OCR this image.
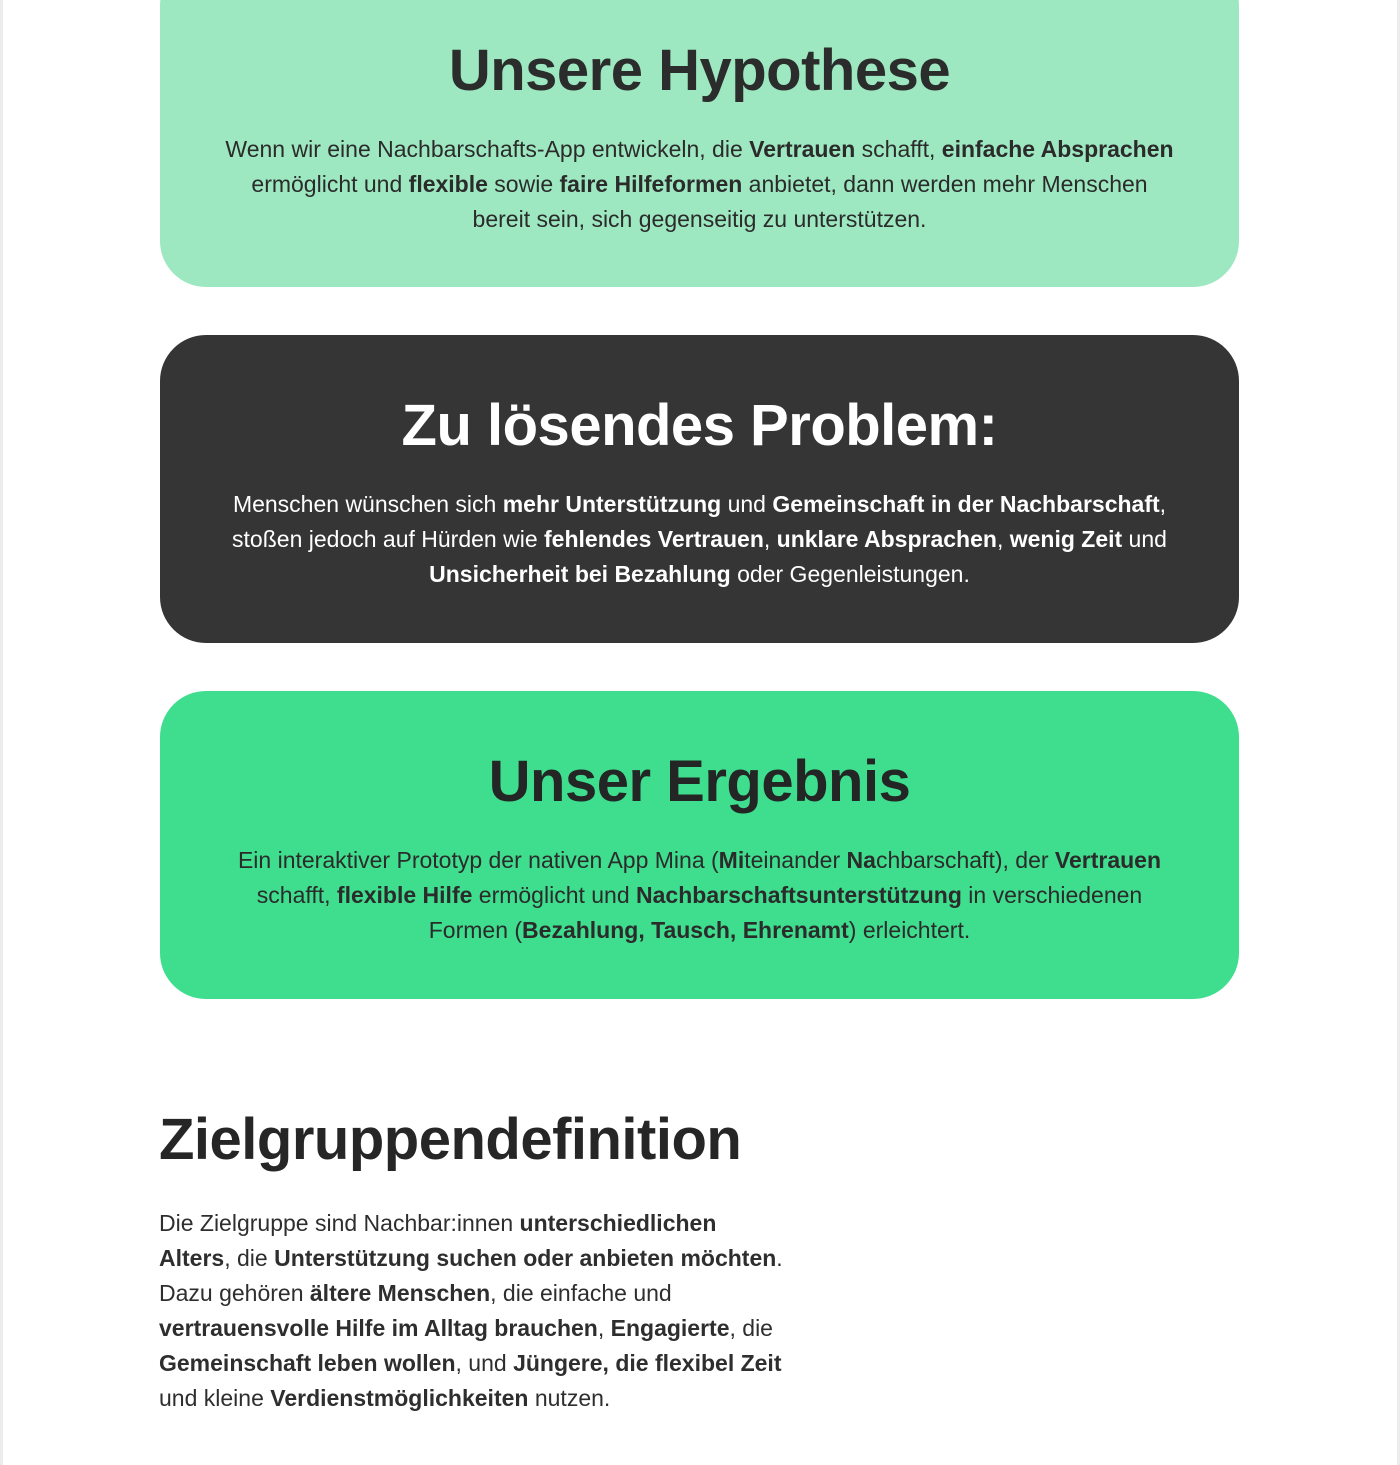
Unsere Hypothese

Wenn wir eine Nachbarschafts-App entwickeln, die Vertrauen schafft, einfache Absprachen ermöglicht und flexible sowie faire Hilfeformen anbietet, dann werden mehr Menschen bereit sein, sich gegenseitig zu unterstützen.

Zu lösendes Problem:

Menschen wünschen sich mehr Unterstützung und Gemeinschaft in der Nachbarschaft, stoßen jedoch auf Hürden wie fehlendes Vertrauen, unklare Absprachen, wenig Zeit und Unsicherheit bei Bezahlung oder Gegenleistungen.

Unser Ergebnis

Ein interaktiver Prototyp der nativen App Mina (Miteinander Nachbarschaft), der Vertrauen schafft, flexible Hilfe ermöglicht und Nachbarschaftsunterstützung in verschiedenen Formen (Bezahlung, Tausch, Ehrenamt) erleichtert.

Zielgruppendefinition

Die Zielgruppe sind Nachbar:innen unterschiedlichen Alters, die Unterstützung suchen oder anbieten möchten. Dazu gehören ältere Menschen, die einfache und vertrauensvolle Hilfe im Alltag brauchen, Engagierte, die Gemeinschaft leben wollen, und Jüngere, die flexibel Zeit und kleine Verdienstmöglichkeiten nutzen.
